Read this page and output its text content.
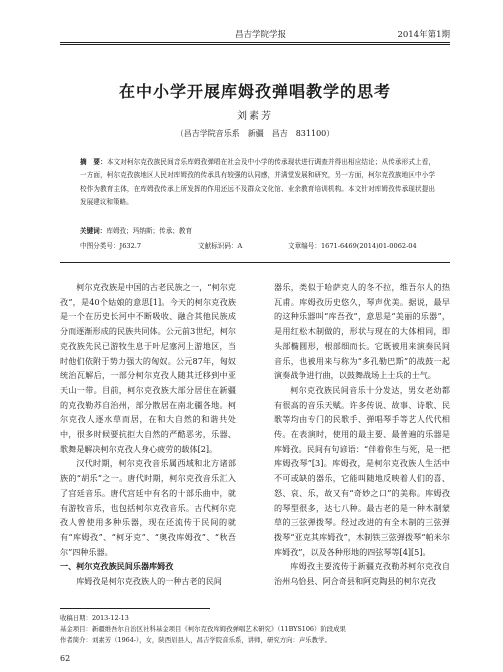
昌吉学院学报	2014年第1期
在中小学开展库姆孜弹唱教学的思考
刘素芳
（昌吉学院音乐系　新疆　昌吉　831100）
摘　要：本文对柯尔克孜族民间音乐库姆孜弹唱在社会及中小学的传承现状进行调查并得出相应结论；从传承形式上看，一方面，柯尔克孜族地区人民对库姆孜的传承具有较强的认同感，并满堂发展和研究，另一方面，柯尔克孜族地区中小学校作为教育主体，在库姆孜传承上所发挥的作用还远不及群众文化馆、业余教育培训机构。本文针对库姆孜传承现状提出发展建议和策略。
关键词：库姆孜；玛纳斯；传承；教育
中图分类号：J632.7	文献标识码：A	文章编号：1671-6469(2014)01-0062-04

柯尔克孜族是中国的古老民族之一，“柯尔克孜”，是40个姑娘的意思[1]。今天的柯尔克孜族是一个在历史长河中不断吸收、融合其他民族成分而逐渐形成的民族共同体。公元前3世纪，柯尔克孜族先民已游牧生息于叶尼塞河上游地区，当时他们依附于势力强大的匈奴。公元87年，匈奴统治瓦解后，一部分柯尔克孜人随其迁移到中亚天山一带。目前，柯尔克孜族大部分居住在新疆的克孜勒苏自治州，部分散居在南北疆各地。柯尔克孜人逐水草而居，在和大自然的和谐共处中，很多时候要抗拒大自然的严酷恶劣，乐器、歌舞是解决柯尔克孜人身心疲劳的载体[2]。

汉代时期，柯尔克孜音乐属西域和北方诸部族的“胡乐”之一。唐代时期，柯尔克孜音乐汇入了宫廷音乐。唐代宫廷中有名的十部乐曲中，就有游牧音乐，也包括柯尔克孜音乐。古代柯尔克孜人曾使用多种乐器，现在还流传于民间的就有“库姆孜”、“柯牙克”、“奥孜库姆孜”、“秋吾尔”四种乐器。

一、柯尔克孜族民间乐器库姆孜

库姆孜是柯尔克孜族人的一种古老的民间

器乐，类似于哈萨克人的冬不拉，维吾尔人的热瓦甫。库姆孜历史悠久，琴声优美。据说，最早的这种乐器叫“库吾孜”，意思是“美丽的乐器”，是用红松木制做的，形状与现在的大体相同，即头部椭圆形，根部细而长。它既被用来演奏民间音乐，也被用来与称为“多孔勒巴斯”的战鼓一起演奏战争进行曲，以鼓舞战场上士兵的士气。

柯尔克孜族民间音乐十分发达，男女老幼都有很高的音乐天赋。许多传说、故事、诗歌、民歌等均由专门的民歌手、弹唱琴手等艺人代代相传。在表演时，使用的最主要、最普遍的乐器是库姆孜。民间有句谚语：“伴着你生与死，是一把库姆孜琴”[3]。库姆孜，是柯尔克孜族人生活中不可或缺的器乐，它能叫随地反映着人们的喜、怒、哀、乐，故又有“奇妙之口”的美称。库姆孜的琴型很多，达七八种。最古老的是一种木制蒙草的三弦弹拨琴。经过改进的有全木制的三弦弹拨琴“亚克其库姆孜”，木制铁三弦弹拨琴“帕米尔库姆孜”，以及各种形地的四弦琴等[4][5]。

库姆孜主要流传于新疆克孜勒苏柯尔克孜自治州乌恰县、阿合奇县和阿克陶县的柯尔克孜

收稿日期：2013-12-13
基金项目：新疆维吾尔自治区社科基金项目《柯尔克孜库姆孜弹唱艺术研究》（11BYS106）阶段成果
作者简介：刘素芳（1964-），女，陕西眉县人，昌吉学院音乐系，讲师，研究方向：声乐教学。
62
